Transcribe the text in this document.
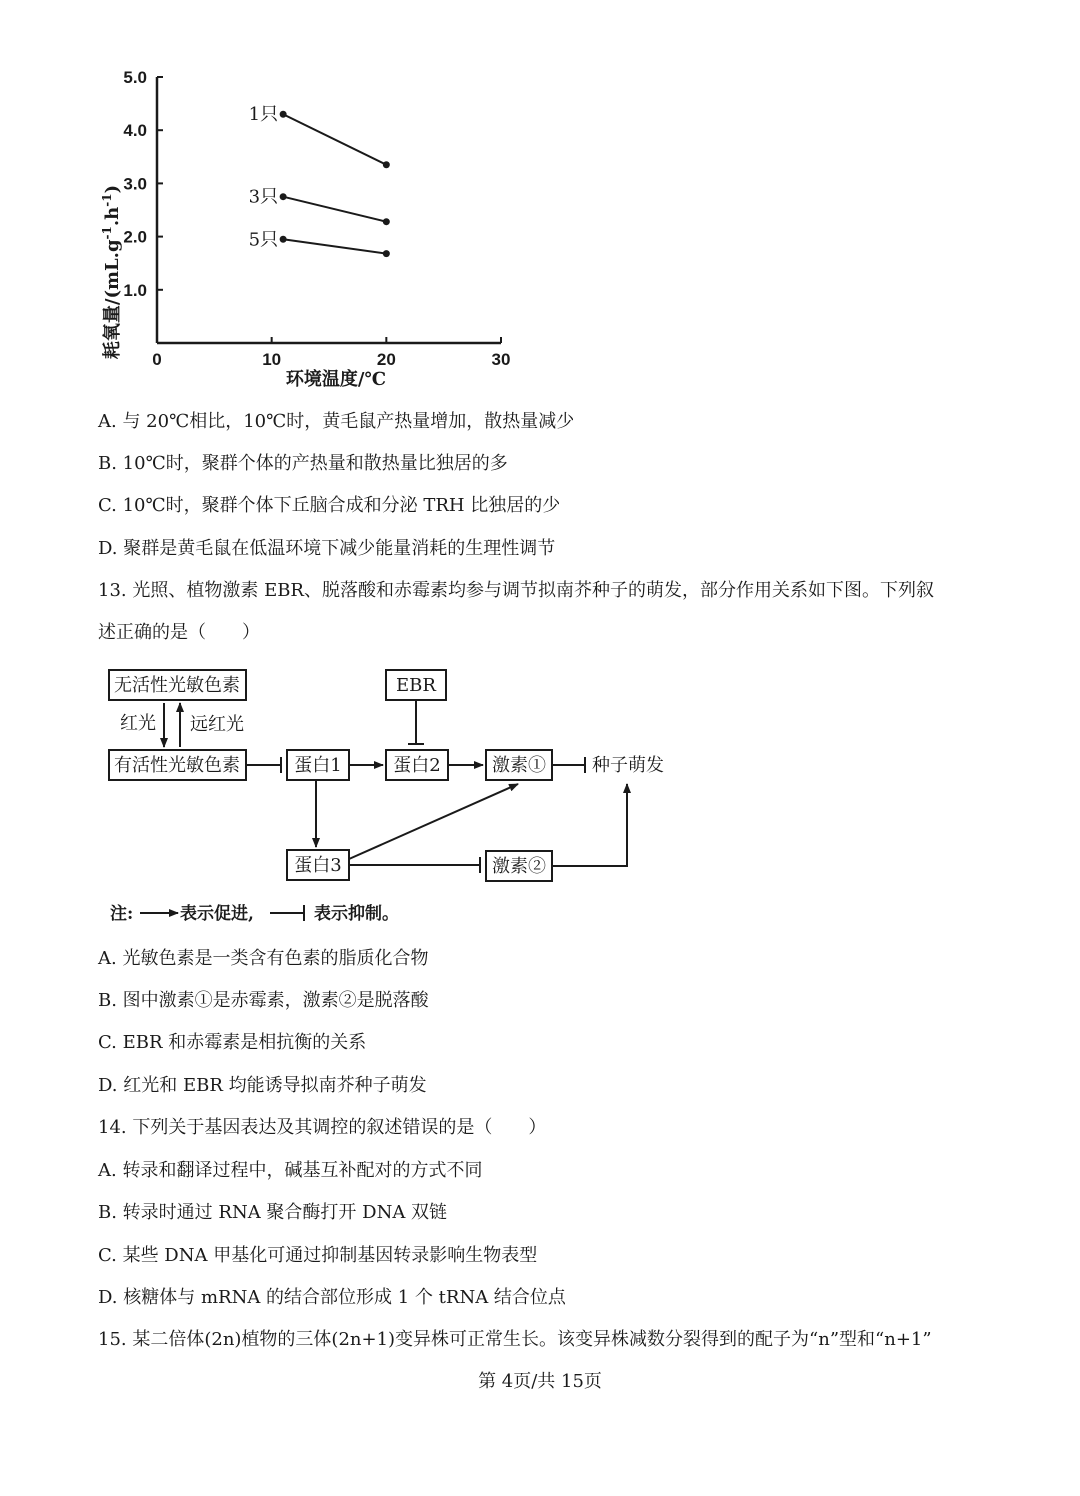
耗氧量$/(mL.g^{-1}.h^{-1})$
1.0
2.0
3.0
4.0
5.0
0	10	20	30
1只
3只
5只
环境温度/℃

A. 与 20℃相比，10℃时，黄毛鼠产热量增加，散热量减少

B. 10℃时，聚群个体的产热量和散热量比独居的多

C. 10℃时，聚群个体下丘脑合成和分泌 TRH 比独居的少

D. 聚群是黄毛鼠在低温环境下减少能量消耗的生理性调节

13. 光照、植物激素 EBR、脱落酸和赤霉素均参与调节拟南芥种子的萌发，部分作用关系如下图。下列叙

述正确的是（　　）

无活性光敏色素
有活性光敏色素
EBR
蛋白1	蛋白2	激素①
蛋白3	激素②
种子萌发
红光 远红光
注:	表示促进,	表示抑制。

A. 光敏色素是一类含有色素的脂质化合物

B. 图中激素①是赤霉素，激素②是脱落酸

C. EBR 和赤霉素是相抗衡的关系

D. 红光和 EBR 均能诱导拟南芥种子萌发

14. 下列关于基因表达及其调控的叙述错误的是（　　）

A. 转录和翻译过程中，碱基互补配对的方式不同

B. 转录时通过 RNA 聚合酶打开 DNA 双链

C. 某些 DNA 甲基化可通过抑制基因转录影响生物表型

D. 核糖体与 mRNA 的结合部位形成 1 个 tRNA 结合位点

15. 某二倍体(2n)植物的三体(2n+1)变异株可正常生长。该变异株减数分裂得到的配子为“n”型和“n+1”

第 4页/共 15页
